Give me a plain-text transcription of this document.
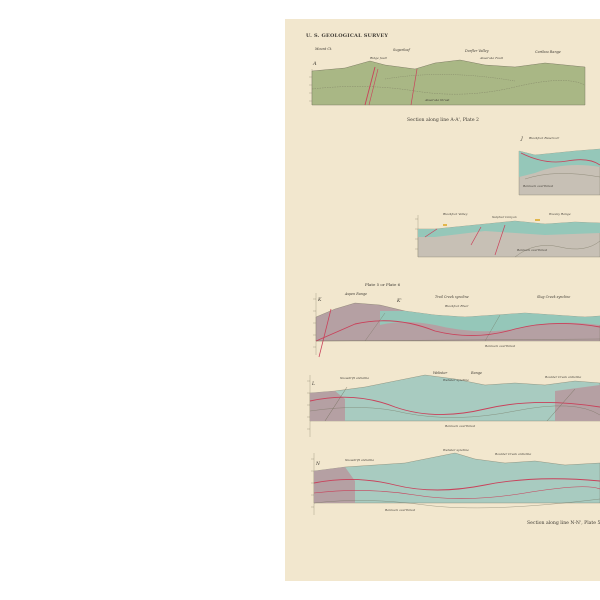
U. S. GEOLOGICAL SURVEY
A
Mount Ct.	Sugarloaf	Dorfler Valley	Caribou Range
Ridge fault	Absaroka Fault
Absaroka thrust
J	Blackfoot Reservoir
Bannock overthrust
Blackfoot Valley
Sulphur Canyon
Wooley Range
Bannock overthrust
Plate 5 or Plate 6
K	K'
Aspen Range
Trail Creek syncline
Blackfoot River
Slug Creek syncline
Bannock overthrust
L
Snowdrift anticline
Webster	Range
Webster syncline
Boulder Creek anticline
Bannock overthrust
N
Snowdrift anticline
Webster syncline
Boulder Creek anticline
Bannock overthrust
Section along line A-A', Plate 2
Section along line N-N', Plate 5
